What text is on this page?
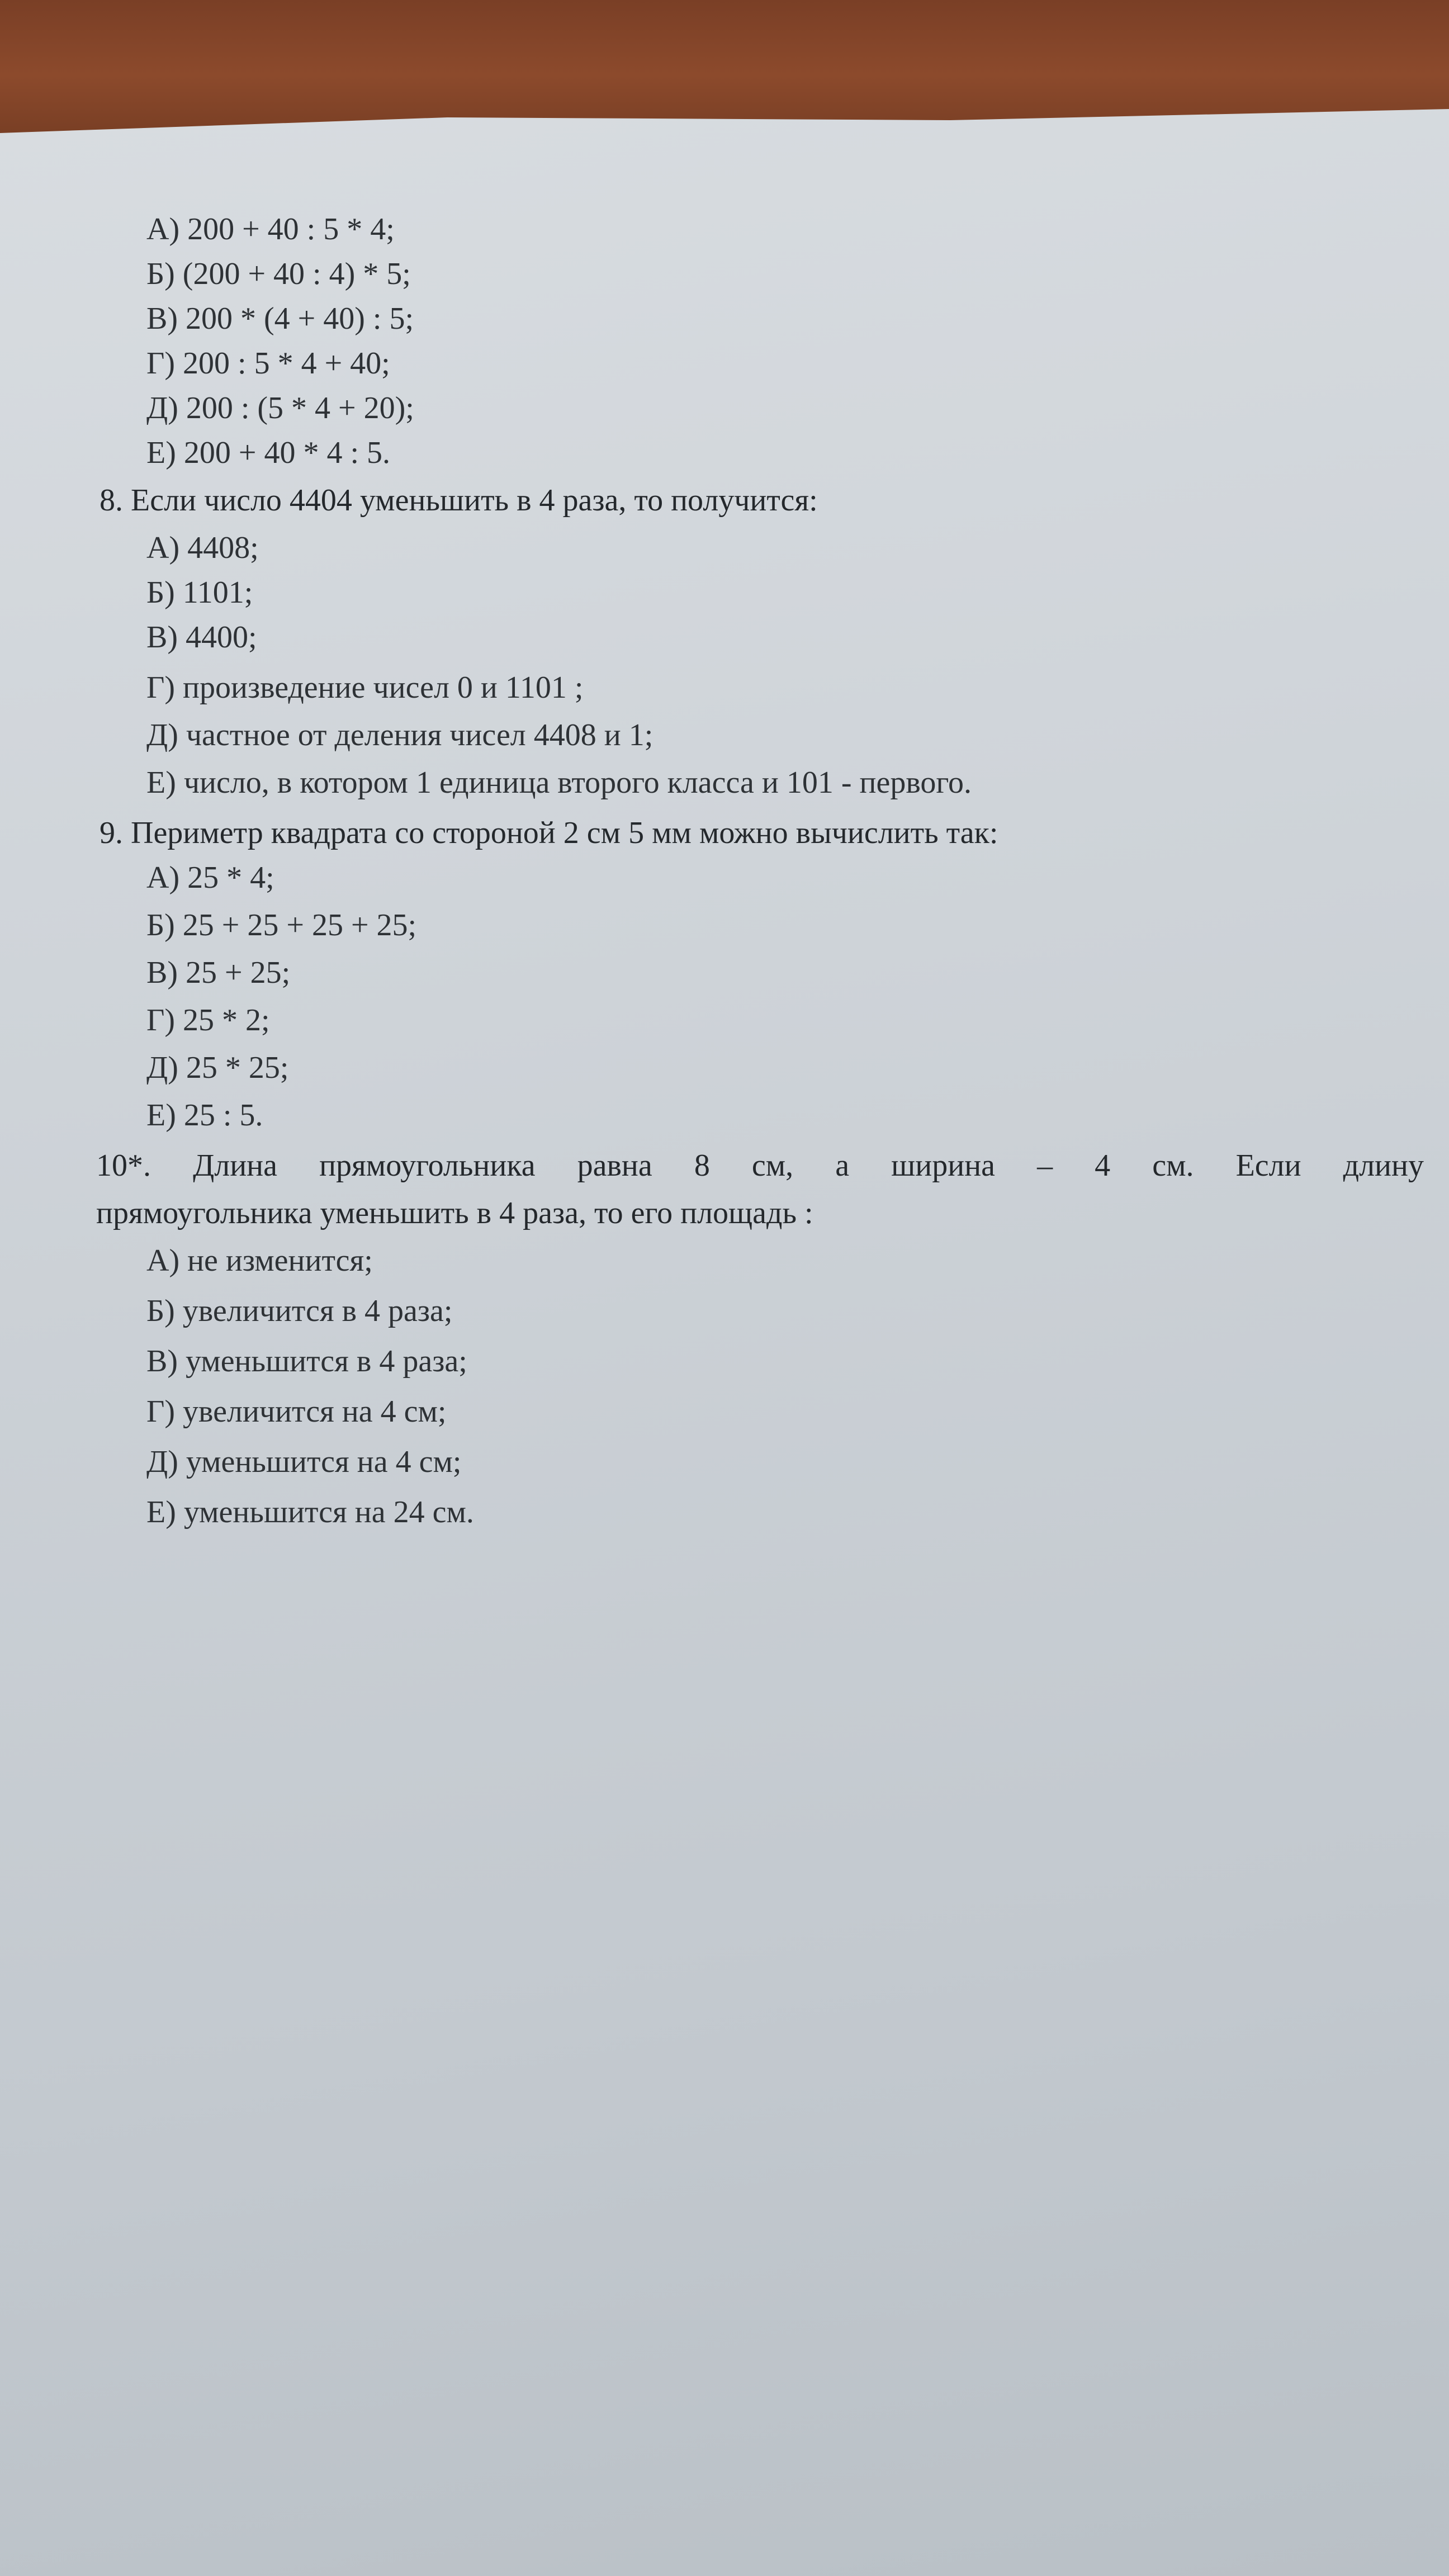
А) 200 + 40 : 5 * 4;
Б) (200 + 40 : 4) * 5;
В) 200 * (4 + 40) : 5;
Г) 200 : 5 * 4 + 40;
Д) 200 : (5 * 4 + 20);
Е) 200 + 40 * 4 : 5.
8. Если число 4404 уменьшить в 4 раза, то получится:
А) 4408;
Б) 1101;
В) 4400;
Г) произведение чисел 0 и 1101 ;
Д) частное от деления чисел 4408 и 1;
Е) число, в котором 1 единица второго класса и 101 - первого.
9. Периметр квадрата со стороной 2 см 5 мм можно вычислить так:
А) 25 * 4;
Б) 25 + 25 + 25 + 25;
В) 25 + 25;
Г) 25 * 2;
Д) 25 * 25;
Е) 25 : 5.
10*. Длина прямоугольника равна 8 см, а ширина – 4 см. Если длину
прямоугольника уменьшить в 4 раза, то его площадь :
А) не изменится;
Б) увеличится в 4 раза;
В) уменьшится в 4 раза;
Г) увеличится на 4 см;
Д) уменьшится на 4 см;
Е) уменьшится на 24 см.
